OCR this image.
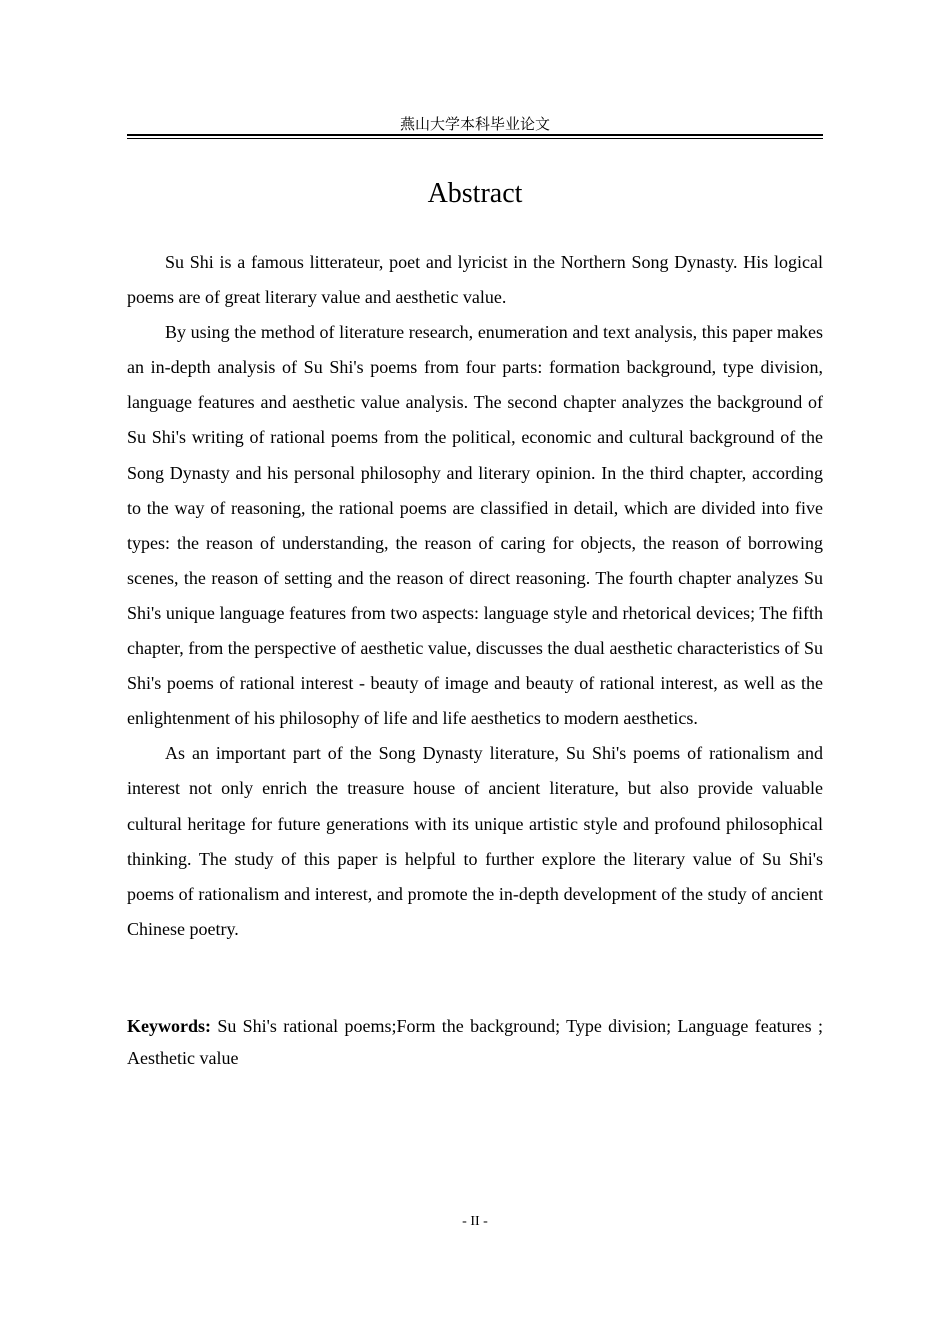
燕山大学本科毕业论文
Abstract

Su Shi is a famous litterateur, poet and lyricist in the Northern Song Dynasty. His logical poems are of great literary value and aesthetic value.

By using the method of literature research, enumeration and text analysis, this paper makes an in-depth analysis of Su Shi's poems from four parts: formation background, type division, language features and aesthetic value analysis. The second chapter analyzes the background of Su Shi's writing of rational poems from the political, economic and cultural background of the Song Dynasty and his personal philosophy and literary opinion. In the third chapter, according to the way of reasoning, the rational poems are classified in detail, which are divided into five types: the reason of understanding, the reason of caring for objects, the reason of borrowing scenes, the reason of setting and the reason of direct reasoning. The fourth chapter analyzes Su Shi's unique language features from two aspects: language style and rhetorical devices; The fifth chapter, from the perspective of aesthetic value, discusses the dual aesthetic characteristics of Su Shi's poems of rational interest - beauty of image and beauty of rational interest, as well as the enlightenment of his philosophy of life and life aesthetics to modern aesthetics.

As an important part of the Song Dynasty literature, Su Shi's poems of rationalism and interest not only enrich the treasure house of ancient literature, but also provide valuable cultural heritage for future generations with its unique artistic style and profound philosophical thinking. The study of this paper is helpful to further explore the literary value of Su Shi's poems of rationalism and interest, and promote the in-depth development of the study of ancient Chinese poetry.

Keywords: Su Shi's rational poems;Form the background; Type division; Language features ; Aesthetic value
- II -
